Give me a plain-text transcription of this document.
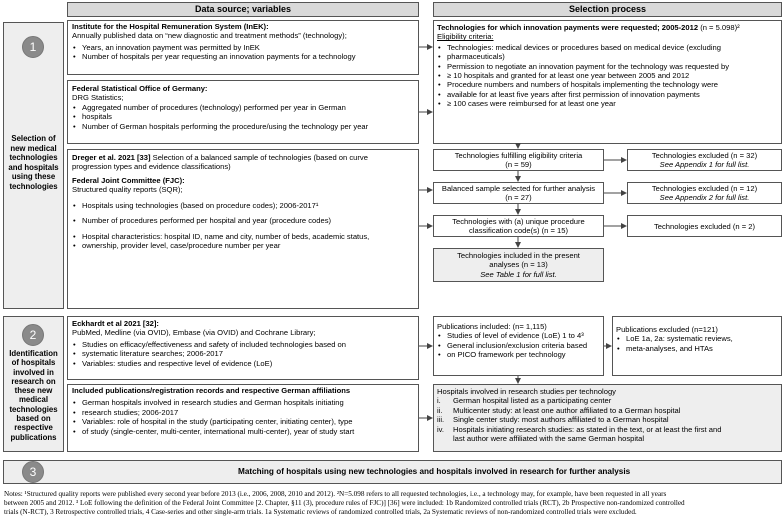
Data source; variables	Selection process
1
Selection of
new medical
technologies
and hospitals
using these
technologies
2
Identification
of hospitals
involved in
research on
these new
medical
technologies
based on
respective
publications
3	Matching of hospitals using new technologies and hospitals involved in research for further analysis
Institute for the Hospital Remuneration System (InEK):
Annually published data on “new diagnostic and treatment methods” (technology);
• Years, an innovation payment was permitted by InEK
• Number of hospitals per year requesting an innovation payments for a technology
Federal Statistical Office of Germany:
DRG Statistics;
• Aggregated number of procedures (technology) performed per year in German
• hospitals
• Number of German hospitals performing the procedure/using the technology per year
Dreger et al. 2021 [33] Selection of a balanced sample of technologies (based on curve
progression types and evidence classifications)
Federal Joint Committee (FJC):
Structured quality reports (SQR);
• Hospitals using technologies (based on procedure codes); 2006-2017¹
• Number of procedures performed per hospital and year (procedure codes)
• Hospital characteristics: hospital ID, name and city, number of beds, academic status,
• ownership, provider level, case/procedure number per year
Eckhardt et al 2021 [32]:
PubMed, Medline (via OVID), Embase (via OVID) and Cochrane Library;
• Studies on efficacy/effectiveness and safety of included technologies based on
• systematic literature searches; 2006-2017
• Variables: studies and respective level of evidence (LoE)
Included publications/registration records and respective German affiliations
• German hospitals involved in research studies and German hospitals initiating
• research studies; 2006-2017
• Variables: role of hospital in the study (participating center, initiating center), type
• of study (single-center, multi-center, international multi-center), year of study start
Technologies for which innovation payments were requested; 2005-2012 (n = 5.098)²
Eligibility criteria:
• Technologies: medical devices or procedures based on medical device (excluding
• pharmaceuticals)
• Permission to negotiate an innovation payment for the technology was requested by
• ≥ 10 hospitals and granted for at least one year between 2005 and 2012
• Procedure numbers and numbers of hospitals implementing the technology were
• available for at least five years after first permission of innovation payments
• ≥ 100 cases were reimbursed for at least one year
Technologies fulfilling eligibility criteria
(n = 59)
Technologies excluded (n = 32)
See Appendix 1 for full list.
Balanced sample selected for further analysis
(n = 27)
Technologies excluded (n = 12)
See Appendix 2 for full list.
Technologies with (a) unique procedure
classification code(s) (n = 15)	Technologies excluded (n = 2)
Technologies included in the present
analyses (n = 13)
See Table 1 for full list.
Publications included: (n= 1,115)
• Studies of level of evidence (LoE) 1 to 4³
• General inclusion/exclusion criteria based
• on PICO framework per technology
Publications excluded (n=121)
• LoE 1a, 2a: systematic reviews,
• meta-analyses, and HTAs
Hospitals involved in research studies per technology
i. German hospital listed as a participating center
ii. Multicenter study: at least one author affiliated to a German hospital
iii. Single center study: most authors affiliated to a German hospital
iv. Hospitals initiating research studies: as stated in the text, or at least the first and
last author were affiliated with the same German hospital
Notes: ¹Structured quality reports were published every second year before 2013 (i.e., 2006, 2008, 2010 and 2012). ²N=5.098 refers to all requested technologies, i.e., a technology may, for example, have been requested in all years
between 2005 and 2012. ³ LoE following the definition of the Federal Joint Committee [2. Chapter, §11 (3), procedure rules of FJC)] [36] were included: 1b Randomized controlled trials (RCT), 2b Prospective non-randomized controlled
trials (N-RCT), 3 Retrospective controlled trials, 4 Case-series and other single-arm trials. 1a Systematic reviews of randomized controlled trials, 2a Systematic reviews of non-randomized controlled trials were excluded.
